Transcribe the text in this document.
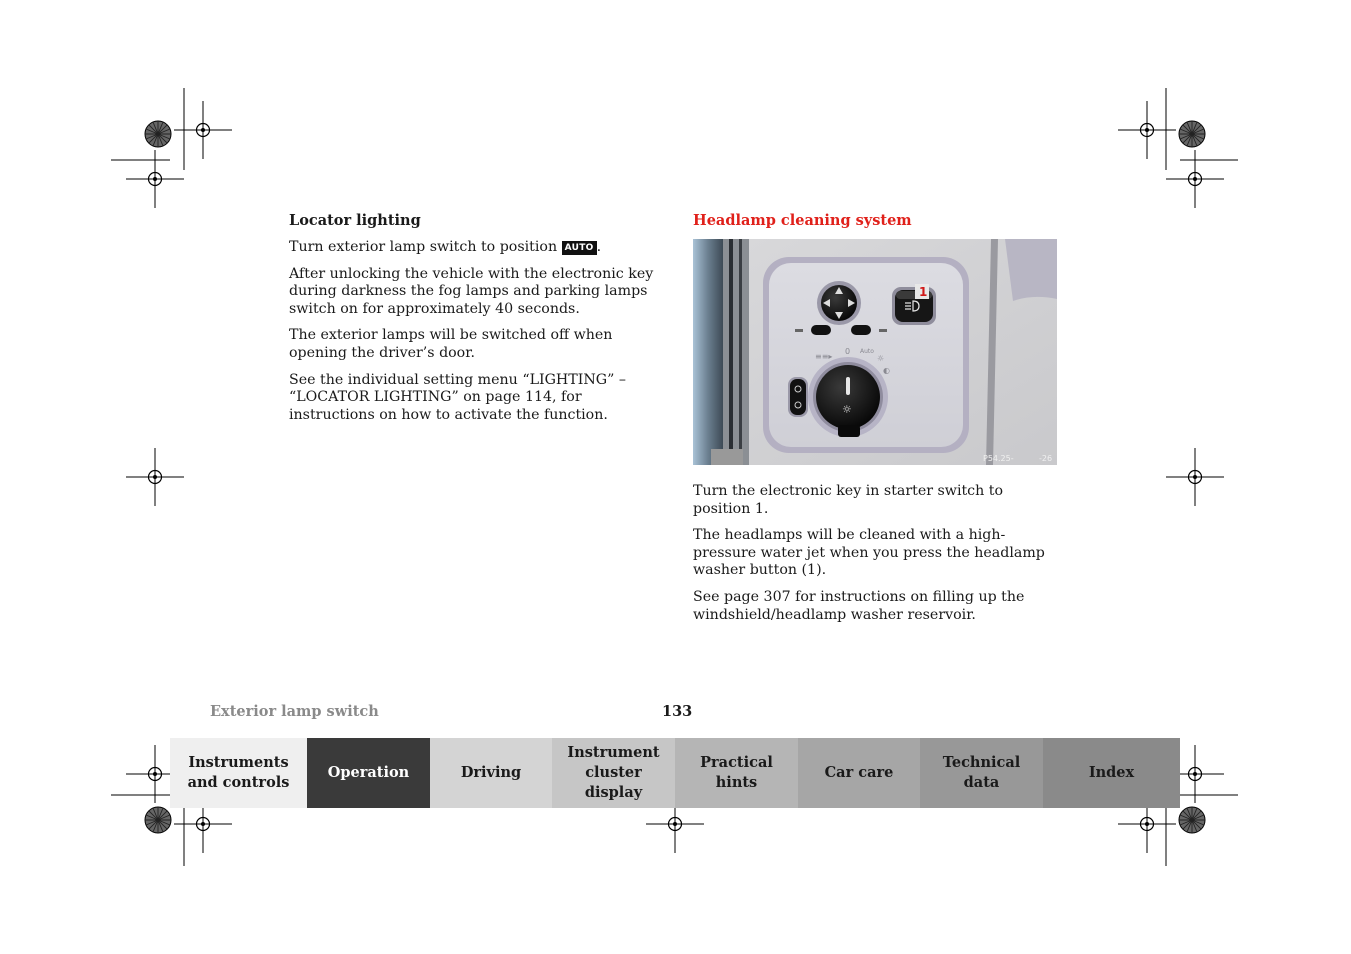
Locator lighting

Turn exterior lamp switch to position AUTO .

After unlocking the vehicle with the electronic key during darkness the fog lamps and parking lamps switch on for approximately 40 seconds.

The exterior lamps will be switched off when opening the driver’s door.

See the individual setting menu “LIGHTING” – “LOCATOR LIGHTING” on page 114, for instructions on how to activate the function.

Headlamp cleaning system
1
≡≡▸
0 Auto
☼
◐
☼
P54.25-	-26

Turn the electronic key in starter switch to position 1.

The headlamps will be cleaned with a high-pressure water jet when you press the headlamp washer button (1).

See page 307 for instructions on filling up the windshield/headlamp washer reservoir.

Exterior lamp switch	133
Instruments
and controls
Operation	Driving
Instrument
cluster display
Practical hints
Car care
Technical
data
Index
